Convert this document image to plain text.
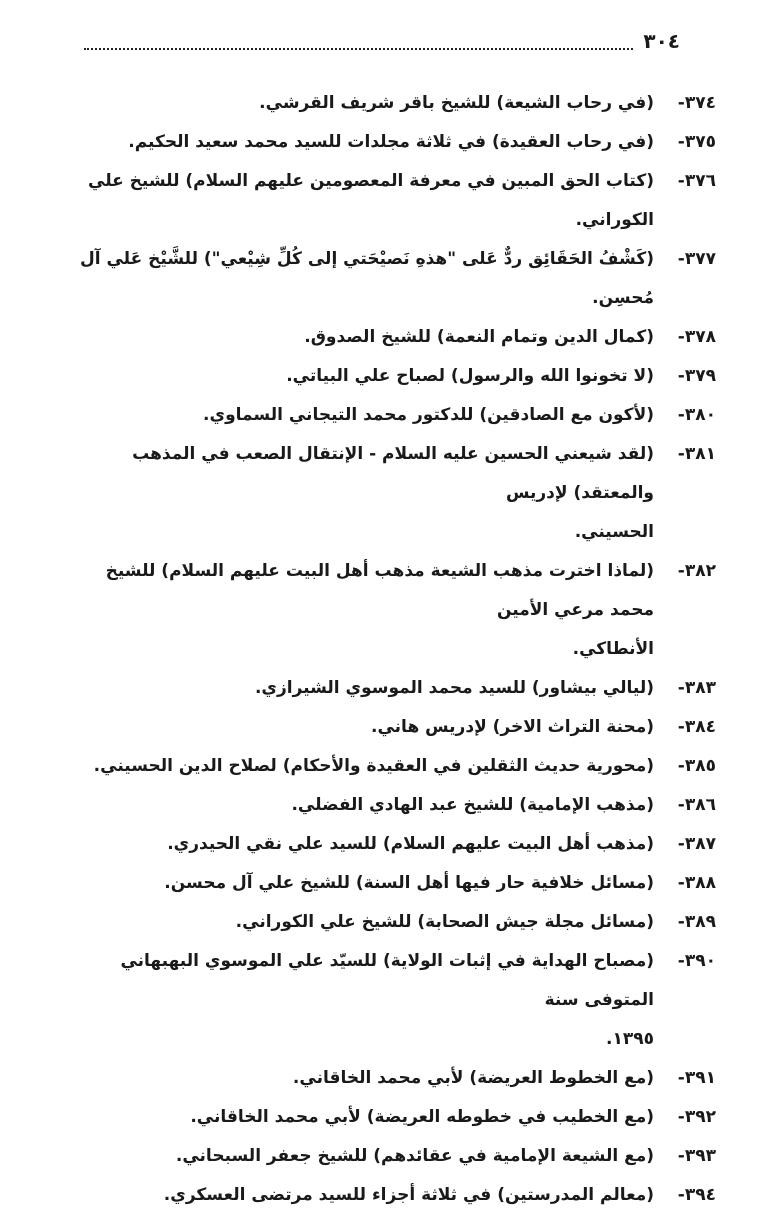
٣٠٤
٣٧٤-
(في رحاب الشيعة) للشيخ باقر شريف القرشي.
٣٧٥-
(في رحاب العقيدة) في ثلاثة مجلدات للسيد محمد سعيد الحكيم.
٣٧٦-
(كتاب الحق المبين في معرفة المعصومين عليهم السلام) للشيخ علي الكوراني.
٣٧٧-
(كَشْفُ الحَقَائِق ردٌّ عَلى "هذهِ نَصيْحَتي إلى كُلِّ شِيْعي") للشَّيْخ عَلي آل مُحسِن.
٣٧٨-
(كمال الدين وتمام النعمة) للشيخ الصدوق.
٣٧٩-
(لا تخونوا الله والرسول) لصباح علي البياتي.
٣٨٠-
(لأكون مع الصادقين) للدكتور محمد التيجاني السماوي.
٣٨١-
(لقد شيعني الحسين عليه السلام - الإنتقال الصعب في المذهب والمعتقد) لإدريس
الحسيني.
٣٨٢-
(لماذا اخترت مذهب الشيعة مذهب أهل البيت عليهم السلام) للشيخ محمد مرعي الأمين
الأنطاكي.
٣٨٣-
(ليالي بيشاور) للسيد محمد الموسوي الشيرازي.
٣٨٤-
(محنة التراث الاخر) لإدريس هاني.
٣٨٥-
(محورية حديث الثقلين في العقيدة والأحكام) لصلاح الدين الحسيني.
٣٨٦-
(مذهب الإمامية) للشيخ عبد الهادي الفضلي.
٣٨٧-
(مذهب أهل البيت عليهم السلام) للسيد علي نقي الحيدري.
٣٨٨-
(مسائل خلافية حار فيها أهل السنة) للشيخ علي آل محسن.
٣٨٩-
(مسائل مجلة جيش الصحابة) للشيخ علي الكوراني.
٣٩٠-
(مصباح الهداية في إثبات الولاية) للسيّد علي الموسوي البهبهاني المتوفى سنة
١٣٩٥.
٣٩١-
(مع الخطوط العريضة) لأبي محمد الخاقاني.
٣٩٢-
(مع الخطيب في خطوطه العريضة) لأبي محمد الخاقاني.
٣٩٣-
(مع الشيعة الإمامية في عقائدهم) للشيخ جعفر السبحاني.
٣٩٤-
(معالم المدرستين) في ثلاثة أجزاء للسيد مرتضى العسكري.
